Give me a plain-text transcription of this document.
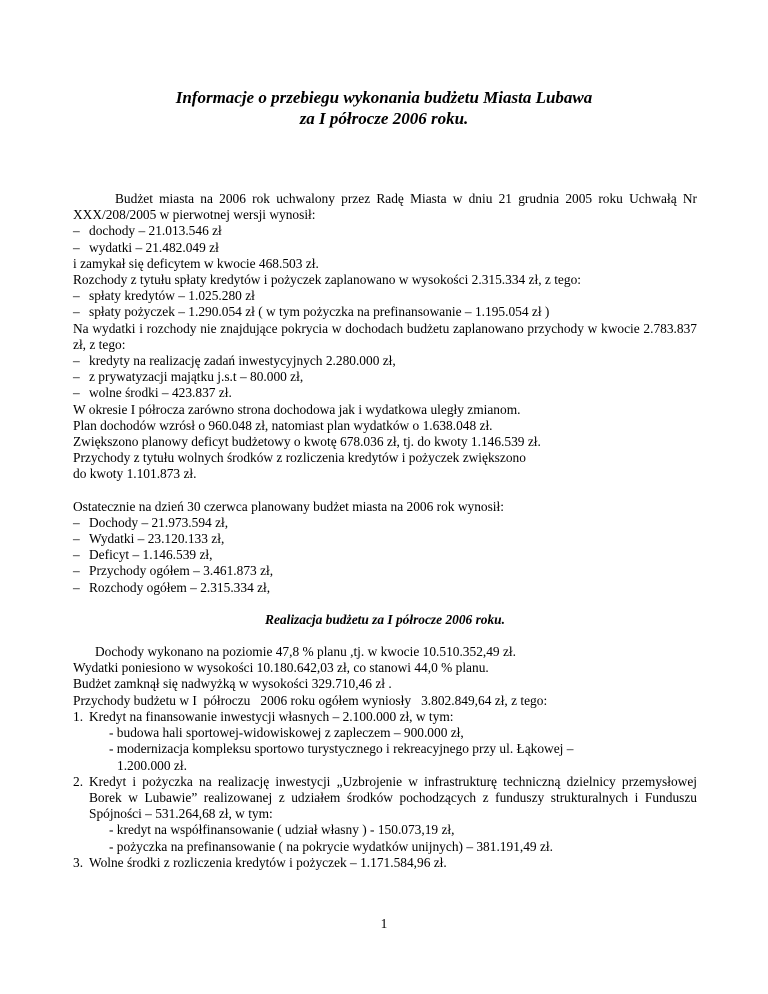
Informacje o przebiegu wykonania budżetu Miasta Lubawa
za I półrocze 2006 roku.

Budżet miasta na 2006 rok uchwalony przez Radę Miasta w dniu 21 grudnia 2005 roku Uchwałą Nr XXX/208/2005 w pierwotnej wersji wynosił:

– dochody – 21.013.546 zł
– wydatki – 21.482.049 zł

i zamykał się deficytem w kwocie 468.503 zł.

Rozchody z tytułu spłaty kredytów i pożyczek zaplanowano w wysokości 2.315.334 zł, z tego:

– spłaty kredytów – 1.025.280 zł
– spłaty pożyczek – 1.290.054 zł ( w tym pożyczka na prefinansowanie – 1.195.054 zł )

Na wydatki i rozchody nie znajdujące pokrycia w dochodach budżetu zaplanowano przychody w kwocie 2.783.837 zł, z tego:

– kredyty na realizację zadań inwestycyjnych 2.280.000 zł,
– z prywatyzacji majątku j.s.t – 80.000 zł,
– wolne środki – 423.837 zł.

W okresie I półrocza zarówno strona dochodowa jak i wydatkowa uległy zmianom.

Plan dochodów wzrósł o 960.048 zł, natomiast plan wydatków o 1.638.048 zł.

Zwiększono planowy deficyt budżetowy o kwotę 678.036 zł, tj. do kwoty 1.146.539 zł.

Przychody z tytułu wolnych środków z rozliczenia kredytów i pożyczek zwiększono

do kwoty 1.101.873 zł.

Ostatecznie na dzień 30 czerwca planowany budżet miasta na 2006 rok wynosił:

– Dochody – 21.973.594 zł,
– Wydatki – 23.120.133 zł,
– Deficyt – 1.146.539 zł,
– Przychody ogółem – 3.461.873 zł,
– Rozchody ogółem – 2.315.334 zł,

Realizacja budżetu za I półrocze 2006 roku.

Dochody wykonano na poziomie 47,8 % planu ,tj. w kwocie 10.510.352,49 zł.

Wydatki poniesiono w wysokości 10.180.642,03 zł, co stanowi 44,0 % planu.

Budżet zamknął się nadwyżką w wysokości 329.710,46 zł .

Przychody budżetu w I  półroczu   2006 roku ogółem wyniosły   3.802.849,64 zł, z tego:

1. Kredyt na finansowanie inwestycji własnych – 2.100.000 zł, w tym:
- budowa hali sportowej-widowiskowej z zapleczem – 900.000 zł,
- modernizacja kompleksu sportowo turystycznego i rekreacyjnego przy ul. Łąkowej –
1.200.000 zł.
2. Kredyt i pożyczka na realizację inwestycji „Uzbrojenie w infrastrukturę techniczną dzielnicy przemysłowej Borek w Lubawie” realizowanej z udziałem środków pochodzących z funduszy strukturalnych i Funduszu Spójności – 531.264,68 zł, w tym:
- kredyt na współfinansowanie ( udział własny ) - 150.073,19 zł,
- pożyczka na prefinansowanie ( na pokrycie wydatków unijnych) – 381.191,49 zł.
3. Wolne środki z rozliczenia kredytów i pożyczek – 1.171.584,96 zł.
1
